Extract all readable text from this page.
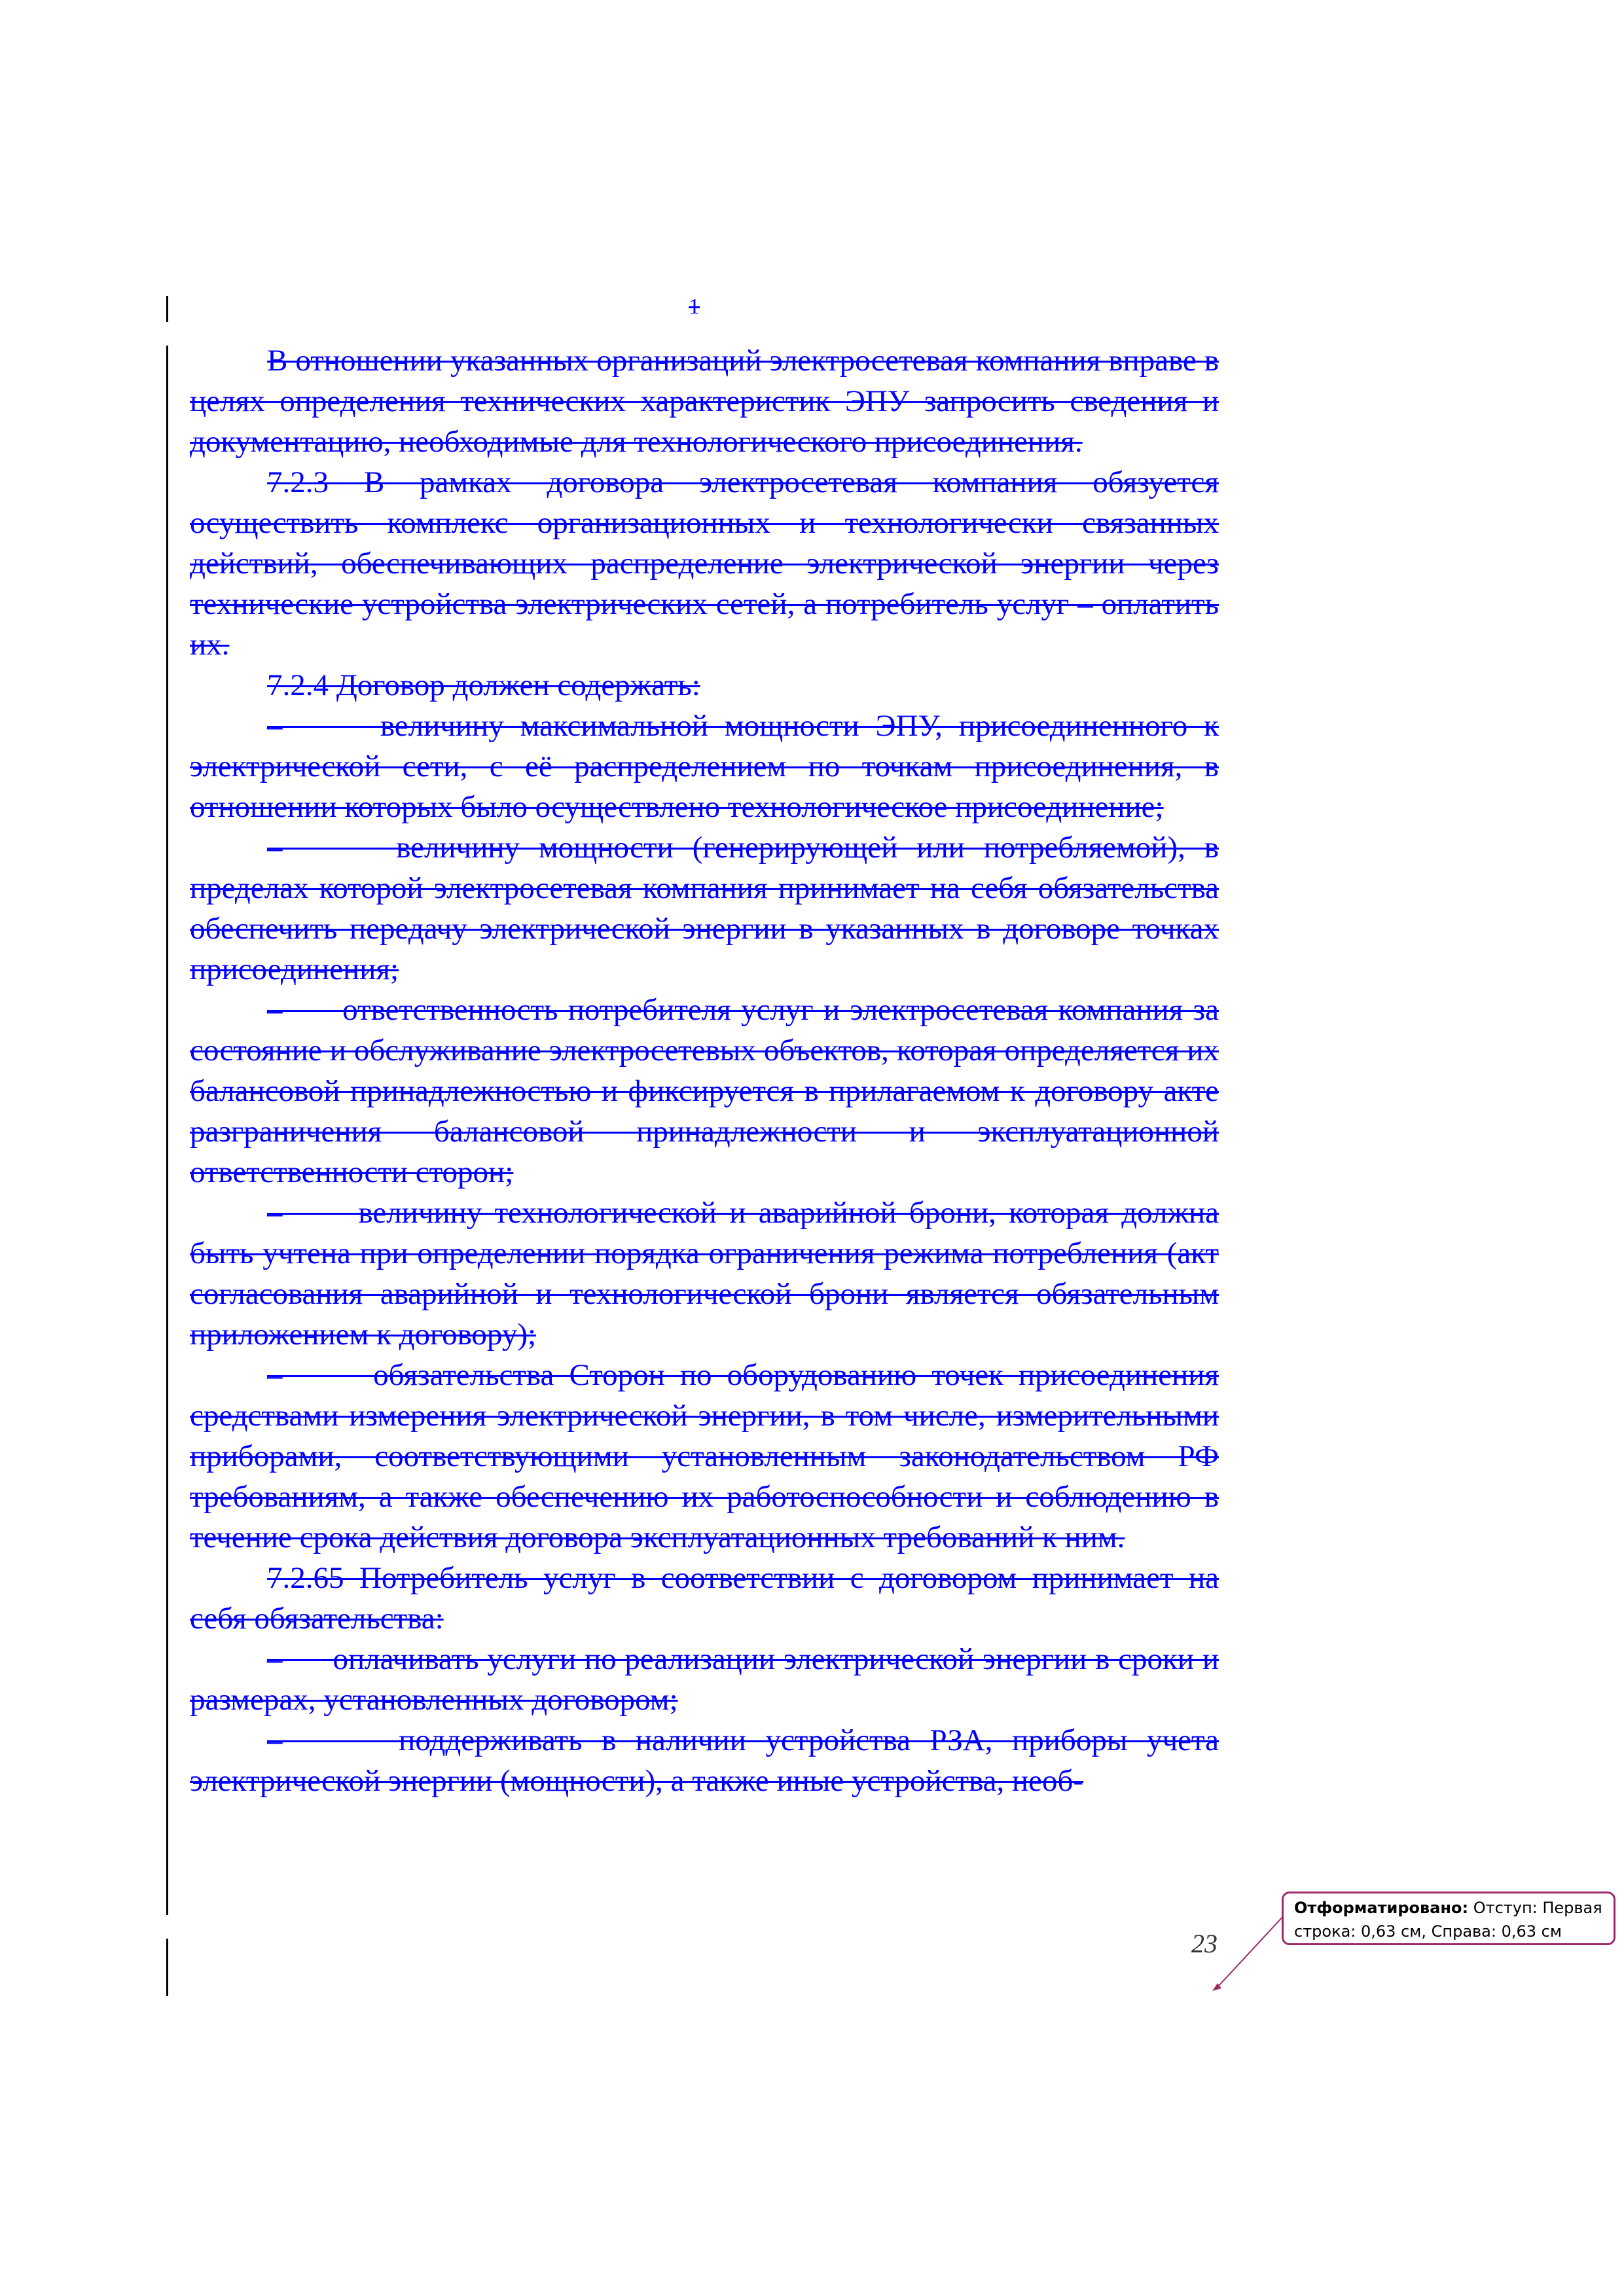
1

В отношении указанных организаций электросетевая компания вправе в целях определения технических характеристик ЭПУ запросить сведения и документацию, необходимые для технологического присоединения.

7.2.3 В рамках договора электросетевая компания обязуется осуществить комплекс организационных и технологически связанных действий, обеспечивающих распределение электрической энергии через технические устройства электрических сетей, а потребитель услуг – оплатить их.

7.2.4 Договор должен содержать:

–      величину максимальной мощности ЭПУ, присоединенного к электрической сети, с её распределением по точкам присоединения, в отношении которых было осуществлено технологическое присоединение;

–      величину мощности (генерирующей или потребляемой), в пределах которой электросетевая компания принимает на себя обязательства обеспечить передачу электрической энергии в указанных в договоре точках присоединения;

–      ответственность потребителя услуг и электросетевая компания за состояние и обслуживание электросетевых объектов, которая определяется их балансовой принадлежностью и фиксируется в прилагаемом к договору акте разграничения балансовой принадлежности и эксплуатационной ответственности сторон;

–      величину технологической и аварийной брони, которая должна быть учтена при определении порядка ограничения режима потребления (акт согласования аварийной и технологической брони является обязательным приложением к договору);

–      обязательства Сторон по оборудованию точек присоединения средствами измерения электрической энергии, в том числе, измерительными приборами, соответствующими установленным законодательством РФ требованиям, а также обеспечению их работоспособности и соблюдению в течение срока действия договора эксплуатационных требований к ним.

7.2.65 Потребитель услуг в соответствии с договором принимает на себя обязательства:

–      оплачивать услуги по реализации электрической энергии в сроки и размерах, установленных договором;

–      поддерживать в наличии устройства РЗА, приборы учета электрической энергии (мощности), а также иные устройства, необ-

23
Отформатировано: Отступ: Первая
строка: 0,63 см, Справа: 0,63 см
